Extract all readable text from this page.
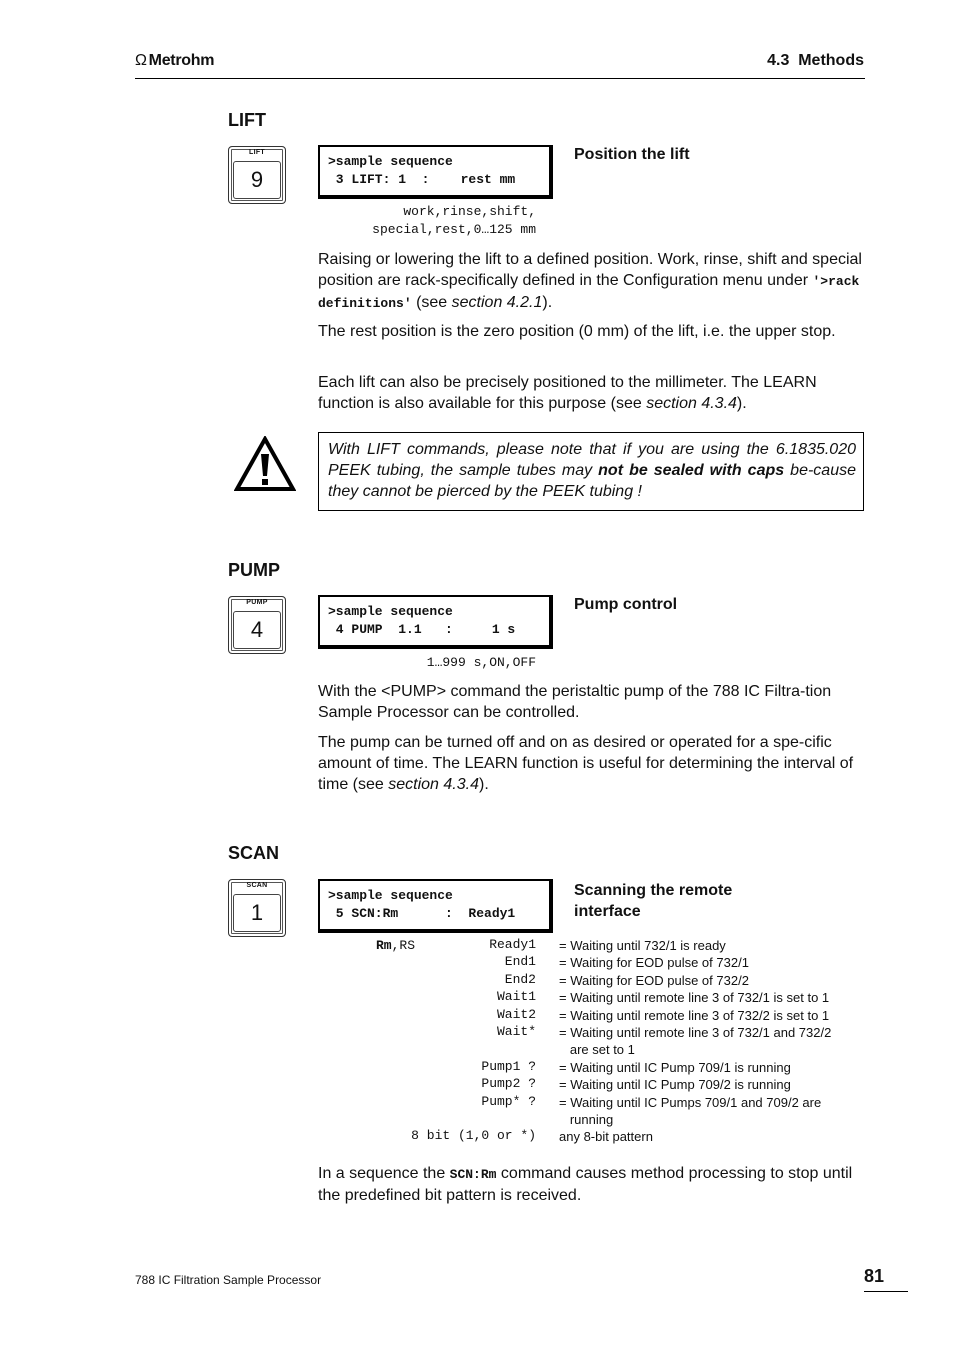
Ω Metrohm	4.3  Methods
LIFT
LIFT
9
>sample sequence
3 LIFT: 1  :    rest mm
Position the lift
work,rinse,shift,
special,rest,0…125 mm
Raising or lowering the lift to a defined position. Work, rinse, shift and special position are rack-specifically defined in the Configuration menu under '>rack definitions' (see section 4.2.1).
The rest position is the zero position (0 mm) of the lift, i.e. the upper stop.
Each lift can also be precisely positioned to the millimeter. The LEARN function is also available for this purpose (see section 4.3.4).
With LIFT commands, please note that if you are using the 6.1835.020 PEEK tubing, the sample tubes may not be sealed with caps be-cause they cannot be pierced by the PEEK tubing !
PUMP
PUMP
4
>sample sequence
4 PUMP  1.1   :     1 s
Pump control
1…999 s,ON,OFF
With the <PUMP> command the peristaltic pump of the 788 IC Filtra-tion Sample Processor can be controlled.
The pump can be turned off and on as desired or operated for a spe-cific amount of time. The LEARN function is useful for determining the interval of time (see section 4.3.4).
SCAN
SCAN
1
>sample sequence
5 SCN:Rm      :  Ready1
Scanning the remote
interface
Rm,RS	Ready1 = Waiting until 732/1 is ready
End1 = Waiting for EOD pulse of 732/1
End2 = Waiting for EOD pulse of 732/2
Wait1 = Waiting until remote line 3 of 732/1 is set to 1
Wait2 = Waiting until remote line 3 of 732/2 is set to 1
Wait* = Waiting until remote line 3 of 732/1 and 732/2
are set to 1
Pump1 ? = Waiting until IC Pump 709/1 is running
Pump2 ? = Waiting until IC Pump 709/2 is running
Pump* ? = Waiting until IC Pumps 709/1 and 709/2 are
running
8 bit (1,0 or *) any 8-bit pattern
In a sequence the SCN:Rm command causes method processing to stop until the predefined bit pattern is received.
788 IC Filtration Sample Processor	81
